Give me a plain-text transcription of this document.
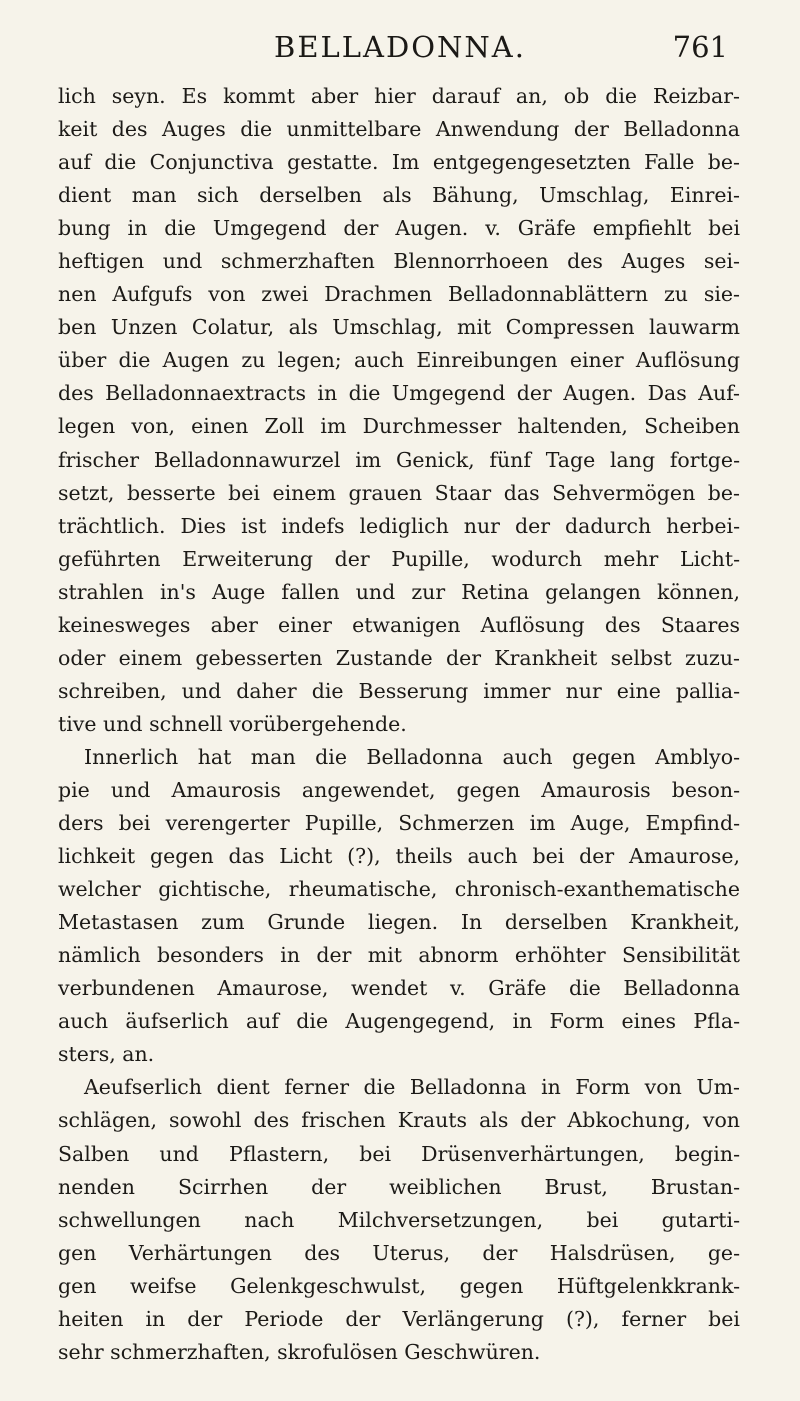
BELLADONNA.	761
lich seyn. Es kommt aber hier darauf an, ob die Reizbar-
keit des Auges die unmittelbare Anwendung der Belladonna
auf die Conjunctiva gestatte. Im entgegengesetzten Falle be-
dient man sich derselben als Bähung, Umschlag, Einrei-
bung in die Umgegend der Augen. v. Gräfe empfiehlt bei
heftigen und schmerzhaften Blennorrhoeen des Auges sei-
nen Aufgufs von zwei Drachmen Belladonnablättern zu sie-
ben Unzen Colatur, als Umschlag, mit Compressen lauwarm
über die Augen zu legen; auch Einreibungen einer Auflösung
des Belladonnaextracts in die Umgegend der Augen. Das Auf-
legen von, einen Zoll im Durchmesser haltenden, Scheiben
frischer Belladonnawurzel im Genick, fünf Tage lang fortge-
setzt, besserte bei einem grauen Staar das Sehvermögen be-
trächtlich. Dies ist indefs lediglich nur der dadurch herbei-
geführten Erweiterung der Pupille, wodurch mehr Licht-
strahlen in's Auge fallen und zur Retina gelangen können,
keinesweges aber einer etwanigen Auflösung des Staares
oder einem gebesserten Zustande der Krankheit selbst zuzu-
schreiben, und daher die Besserung immer nur eine pallia-
tive und schnell vorübergehende.
Innerlich hat man die Belladonna auch gegen Amblyo-
pie und Amaurosis angewendet, gegen Amaurosis beson-
ders bei verengerter Pupille, Schmerzen im Auge, Empfind-
lichkeit gegen das Licht (?), theils auch bei der Amaurose,
welcher gichtische, rheumatische, chronisch-exanthematische
Metastasen zum Grunde liegen. In derselben Krankheit,
nämlich besonders in der mit abnorm erhöhter Sensibilität
verbundenen Amaurose, wendet v. Gräfe die Belladonna
auch äufserlich auf die Augengegend, in Form eines Pfla-
sters, an.
Aeufserlich dient ferner die Belladonna in Form von Um-
schlägen, sowohl des frischen Krauts als der Abkochung, von
Salben und Pflastern, bei Drüsenverhärtungen, begin-
nenden Scirrhen der weiblichen Brust, Brustan-
schwellungen nach Milchversetzungen, bei gutarti-
gen Verhärtungen des Uterus, der Halsdrüsen, ge-
gen weifse Gelenkgeschwulst, gegen Hüftgelenkkrank-
heiten in der Periode der Verlängerung (?), ferner bei
sehr schmerzhaften, skrofulösen Geschwüren.
